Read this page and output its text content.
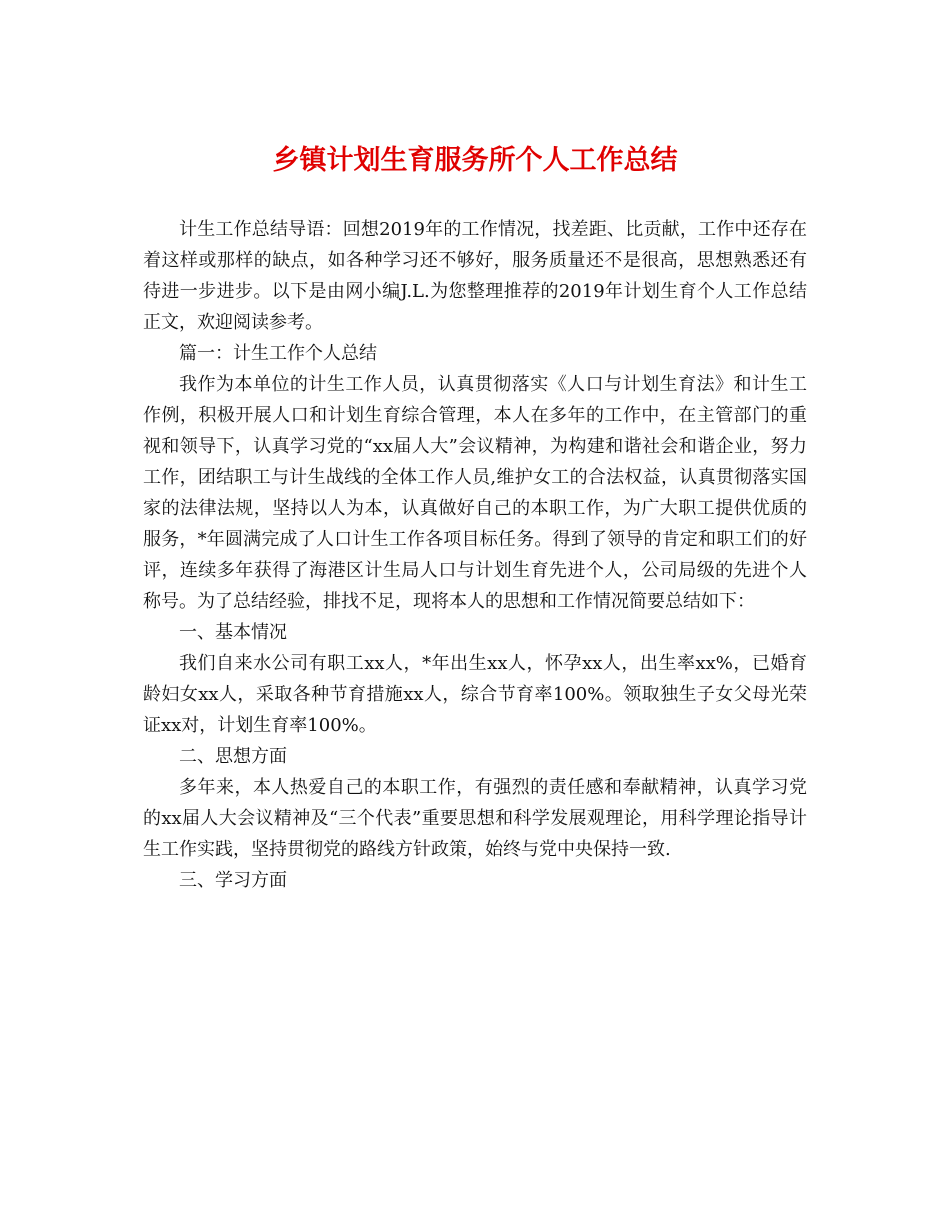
乡镇计划生育服务所个人工作总结

计生工作总结导语：回想2019年的工作情况，找差距、比贡献，工作中还存在着这样或那样的缺点，如各种学习还不够好，服务质量还不是很高，思想熟悉还有待进一步进步。以下是由网小编J.L.为您整理推荐的2019年计划生育个人工作总结正文，欢迎阅读参考。

篇一：计生工作个人总结

我作为本单位的计生工作人员，认真贯彻落实《人口与计划生育法》和计生工作例，积极开展人口和计划生育综合管理，本人在多年的工作中，在主管部门的重视和领导下，认真学习党的“xx届人大”会议精神，为构建和谐社会和谐企业，努力工作，团结职工与计生战线的全体工作人员,维护女工的合法权益，认真贯彻落实国家的法律法规，坚持以人为本，认真做好自己的本职工作，为广大职工提供优质的服务，*年圆满完成了人口计生工作各项目标任务。得到了领导的肯定和职工们的好评，连续多年获得了海港区计生局人口与计划生育先进个人，公司局级的先进个人称号。为了总结经验，排找不足，现将本人的思想和工作情况简要总结如下：

一、基本情况

我们自来水公司有职工xx人，*年出生xx人，怀孕xx人，出生率xx%，已婚育龄妇女xx人，采取各种节育措施xx人，综合节育率100%。领取独生子女父母光荣证xx对，计划生育率100%。

二、思想方面

多年来，本人热爱自己的本职工作，有强烈的责任感和奉献精神，认真学习党的xx届人大会议精神及“三个代表”重要思想和科学发展观理论，用科学理论指导计生工作实践，坚持贯彻党的路线方针政策，始终与党中央保持一致.

三、学习方面
